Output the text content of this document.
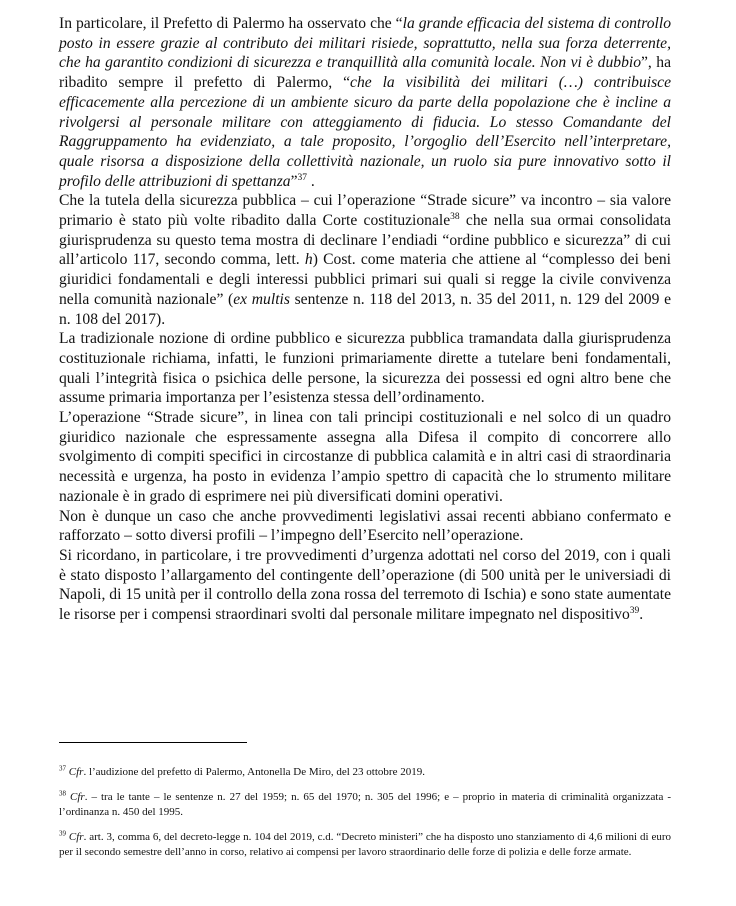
In particolare, il Prefetto di Palermo ha osservato che “la grande efficacia del sistema di controllo posto in essere grazie al contributo dei militari risiede, soprattutto, nella sua forza deterrente, che ha garantito condizioni di sicurezza e tranquillità alla comunità locale. Non vi è dubbio”, ha ribadito sempre il prefetto di Palermo, “che la visibilità dei militari (…) contribuisce efficacemente alla percezione di un ambiente sicuro da parte della popolazione che è incline a rivolgersi al personale militare con atteggiamento di fiducia. Lo stesso Comandante del Raggruppamento ha evidenziato, a tale proposito, l’orgoglio dell’Esercito nell’interpretare, quale risorsa a disposizione della collettività nazionale, un ruolo sia pure innovativo sotto il profilo delle attribuzioni di spettanza”$^{37}$ .

Che la tutela della sicurezza pubblica – cui l’operazione “Strade sicure” va incontro – sia valore primario è stato più volte ribadito dalla Corte costituzionale$^{38}$ che nella sua ormai consolidata giurisprudenza su questo tema mostra di declinare l’endiadi “ordine pubblico e sicurezza” di cui all’articolo 117, secondo comma, lett. h) Cost. come materia che attiene al “complesso dei beni giuridici fondamentali e degli interessi pubblici primari sui quali si regge la civile convivenza nella comunità nazionale” (ex multis sentenze n. 118 del 2013, n. 35 del 2011, n. 129 del 2009 e n. 108 del 2017).

La tradizionale nozione di ordine pubblico e sicurezza pubblica tramandata dalla giurisprudenza costituzionale richiama, infatti, le funzioni primariamente dirette a tutelare beni fondamentali, quali l’integrità fisica o psichica delle persone, la sicurezza dei possessi ed ogni altro bene che assume primaria importanza per l’esistenza stessa dell’ordinamento.

L’operazione “Strade sicure”, in linea con tali principi costituzionali e nel solco di un quadro giuridico nazionale che espressamente assegna alla Difesa il compito di concorrere allo svolgimento di compiti specifici in circostanze di pubblica calamità e in altri casi di straordinaria necessità e urgenza, ha posto in evidenza l’ampio spettro di capacità che lo strumento militare nazionale è in grado di esprimere nei più diversificati domini operativi.

Non è dunque un caso che anche provvedimenti legislativi assai recenti abbiano confermato e rafforzato – sotto diversi profili – l’impegno dell’Esercito nell’operazione.

Si ricordano, in particolare, i tre provvedimenti d’urgenza adottati nel corso del 2019, con i quali è stato disposto l’allargamento del contingente dell’operazione (di 500 unità per le universiadi di Napoli, di 15 unità per il controllo della zona rossa del terremoto di Ischia) e sono state aumentate le risorse per i compensi straordinari svolti dal personale militare impegnato nel dispositivo$^{39}$.

$^{37}$ Cfr. l’audizione del prefetto di Palermo, Antonella De Miro, del 23 ottobre 2019.

$^{38}$ Cfr. – tra le tante – le sentenze n. 27 del 1959; n. 65 del 1970; n. 305 del 1996; e – proprio in materia di criminalità organizzata - l’ordinanza n. 450 del 1995.

$^{39}$ Cfr. art. 3, comma 6, del decreto-legge n. 104 del 2019, c.d. “Decreto ministeri” che ha disposto uno stanziamento di 4,6 milioni di euro per il secondo semestre dell’anno in corso, relativo ai compensi per lavoro straordinario delle forze di polizia e delle forze armate.
